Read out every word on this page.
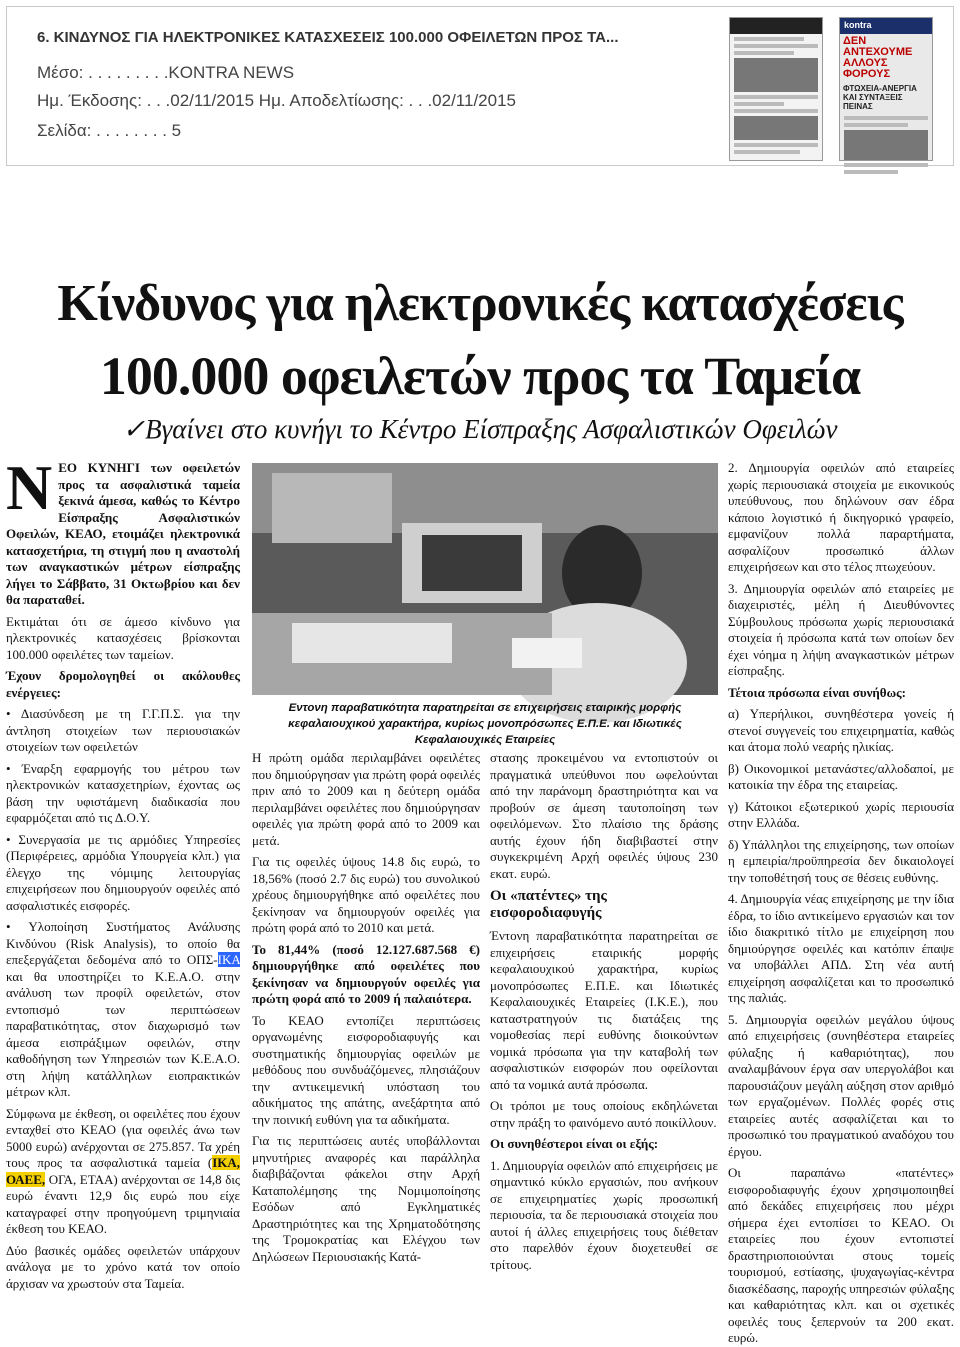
6. ΚΙΝΔΥΝΟΣ ΓΙΑ ΗΛΕΚΤΡΟΝΙΚΕΣ ΚΑΤΑΣΧΕΣΕΙΣ 100.000 ΟΦΕΙΛΕΤΩΝ ΠΡΟΣ ΤΑ...
Μέσο: . . . . . . . . .KONTRA NEWS
Ημ. Έκδοσης: . . .02/11/2015 Ημ. Αποδελτίωσης: . . .02/11/2015
Σελίδα: . . . . . . . . 5
kontra
ΔΕΝ ΑΝΤΕΧΟΥΜΕ ΑΛΛΟΥΣ ΦΟΡΟΥΣ
ΦΤΩΧΕΙΑ-ΑΝΕΡΓΙΑ ΚΑΙ ΣΥΝΤΑΞΕΙΣ ΠΕΙΝΑΣ
Κίνδυνος για ηλεκτρονικές κατασχέσεις
100.000 οφειλετών προς τα Ταμεία
✓Βγαίνει στο κυνήγι το Κέντρο Είσπραξης Ασφαλιστικών Οφειλών

N ΕΟ ΚΥΝΗΓΙ των οφειλετών προς τα ασφαλιστικά ταμεία ξεκινά άμεσα, καθώς το Κέντρο Είσπραξης Ασφαλιστικών Οφειλών, ΚΕΑΟ, ετοιμάζει ηλεκτρονικά κατασχετήρια, τη στιγμή που η αναστολή των αναγκαστικών μέτρων είσπραξης λήγει το Σάββατο, 31 Οκτωβρίου και δεν θα παραταθεί.

Εκτιμάται ότι σε άμεσο κίνδυνο για ηλεκτρονικές κατασχέσεις βρίσκονται 100.000 οφειλέτες των ταμείων.

Έχουν δρομολογηθεί οι ακόλουθες ενέργειες:

• Διασύνδεση με τη Γ.Γ.Π.Σ. για την άντληση στοιχείων των περιουσιακών στοιχείων των οφειλετών

• Έναρξη εφαρμογής του μέτρου των ηλεκτρονικών κατασχετηρίων, έχοντας ως βάση την υφιστάμενη διαδικασία που εφαρμόζεται από τις Δ.Ο.Υ.

• Συνεργασία με τις αρμόδιες Υπηρεσίες (Περιφέρειες, αρμόδια Υπουργεία κλπ.) για έλεγχο της νόμιμης λειτουργίας επιχειρήσεων που δημιουργούν οφειλές από ασφαλιστικές εισφορές.

• Υλοποίηση Συστήματος Ανάλυσης Κινδύνου (Risk Analysis), το οποίο θα επεξεργάζεται δεδομένα από το ΟΠΣ-ΙΚΑ και θα υποστηρίζει το Κ.Ε.Α.Ο. στην ανάλυση των προφίλ οφειλετών, στον εντοπισμό των περιπτώσεων παραβατικότητας, στον διαχωρισμό των άμεσα εισπράξιμων οφειλών, στην καθοδήγηση των Υπηρεσιών των Κ.Ε.Α.Ο. στη λήψη κατάλληλων ειοπρακτικών μέτρων κλπ.

Σύμφωνα με έκθεση, οι οφειλέτες που έχουν ενταχθεί στο ΚΕΑΟ (για οφειλές άνω των 5000 ευρώ) ανέρχονται σε 275.857. Τα χρέη τους προς τα ασφαλιστικά ταμεία (ΙΚΑ, ΟΑΕΕ, ΟΓΑ, ΕΤΑΑ) ανέρχονται σε 14,8 δις ευρώ έναντι 12,9 δις ευρώ που είχε καταγραφεί στην προηγούμενη τριμηνιαία έκθεση του ΚΕΑΟ.

Δύο βασικές ομάδες οφειλετών υπάρχουν ανάλογα με το χρόνο κατά τον οποίο άρχισαν να χρωστούν στα Ταμεία.

Εντονη παραβατικότητα παρατηρείται σε επιχειρήσεις εταιρικής μορφής κεφαλαιουχικού χαρακτήρα, κυρίως μονοπρόσωπες Ε.Π.Ε. και Ιδιωτικές Κεφαλαιουχικές Εταιρείες

Η πρώτη ομάδα περιλαμβάνει οφειλέτες που δημιούργησαν για πρώτη φορά οφειλές πριν από το 2009 και η δεύτερη ομάδα περιλαμβάνει οφειλέτες που δημιούργησαν οφειλές για πρώτη φορά από το 2009 και μετά.

Για τις οφειλές ύψους 14.8 δις ευρώ, το 18,56% (ποσό 2.7 δις ευρώ) του συνολικού χρέους δημιουργήθηκε από οφειλέτες που ξεκίνησαν να δημιουργούν οφειλές για πρώτη φορά από το 2010 και μετά.

Το 81,44% (ποσό 12.127.687.568 €) δημιουργήθηκε από οφειλέτες που ξεκίνησαν να δημιουργούν οφειλές για πρώτη φορά από το 2009 ή παλαιότερα.

Το ΚΕΑΟ εντοπίζει περιπτώσεις οργανωμένης εισφοροδιαφυγής και συστηματικής δημιουργίας οφειλών με μεθόδους που συνδυάζόμενες, πλησιάζουν την αντικειμενική υπόσταση του αδικήματος της απάτης, ανεξάρτητα από την ποινική ευθύνη για τα αδικήματα.

Για τις περιπτώσεις αυτές υποβάλλονται μηνυτήριες αναφορές και παράλληλα διαβιβάζονται φάκελοι στην Αρχή Καταπολέμησης της Νομιμοποίησης Εσόδων από Εγκληματικές Δραστηριότητες και της Χρηματοδότησης της Τρομοκρατίας και Ελέγχου των Δηλώσεων Περιουσιακής Κατά-

στασης προκειμένου να εντοπιστούν οι πραγματικά υπεύθυνοι που ωφελούνται από την παράνομη δραστηριότητα και να προβούν σε άμεση ταυτοποίηση των οφειλόμενων. Στο πλαίσιο της δράσης αυτής έχουν ήδη διαβιβαστεί στην συγκεκριμένη Αρχή οφειλές ύψους 230 εκατ. ευρώ.

Οι «πατέντες» της εισφοροδιαφυγής

Έντονη παραβατικότητα παρατηρείται σε επιχειρήσεις εταιρικής μορφής κεφαλαιουχικού χαρακτήρα, κυρίως μονοπρόσωπες Ε.Π.Ε. και Ιδιωτικές Κεφαλαιουχικές Εταιρείες (Ι.Κ.Ε.), που καταστρατηγούν τις διατάξεις της νομοθεσίας περί ευθύνης διοικούντων νομικά πρόσωπα για την καταβολή των ασφαλιστικών εισφορών που οφείλονται από τα νομικά αυτά πρόσωπα.

Οι τρόποι με τους οποίους εκδηλώνεται στην πράξη το φαινόμενο αυτό ποικίλλουν.

Οι συνηθέστεροι είναι οι εξής:

1. Δημιουργία οφειλών από επιχειρήσεις με σημαντικό κύκλο εργασιών, που ανήκουν σε επιχειρηματίες χωρίς προσωπική περιουσία, τα δε περιουσιακά στοιχεία που αυτοί ή άλλες επιχειρήσεις τους διέθεταν στο παρελθόν έχουν διοχετευθεί σε τρίτους.

2. Δημιουργία οφειλών από εταιρείες χωρίς περιουσιακά στοιχεία με εικονικούς υπεύθυνους, που δηλώνουν σαν έδρα κάποιο λογιστικό ή δικηγορικό γραφείο, εμφανίζουν πολλά παραρτήματα, ασφαλίζουν προσωπικό άλλων επιχειρήσεων και στο τέλος πτωχεύουν.

3. Δημιουργία οφειλών από εταιρείες με διαχειριστές, μέλη ή Διευθύνοντες Σύμβουλους πρόσωπα χωρίς περιουσιακά στοιχεία ή πρόσωπα κατά των οποίων δεν έχει νόημα η λήψη αναγκαστικών μέτρων είσπραξης.

Τέτοια πρόσωπα είναι συνήθως:

α) Υπερήλικοι, συνηθέστερα γονείς ή στενοί συγγενείς του επιχειρηματία, καθώς και άτομα πολύ νεαρής ηλικίας.

β) Οικονομικοί μετανάστες/αλλοδαποί, με κατοικία την έδρα της εταιρείας.

γ) Κάτοικοι εξωτερικού χωρίς περιουσία στην Ελλάδα.

δ) Υπάλληλοι της επιχείρησης, των οποίων η εμπειρία/προϋπηρεσία δεν δικαιολογεί την τοποθέτησή τους σε θέσεις ευθύνης.

4. Δημιουργία νέας επιχείρησης με την ίδια έδρα, το ίδιο αντικείμενο εργασιών και τον ίδιο διακριτικό τίτλο με επιχείρηση που δημιούργησε οφειλές και κατόπιν έπαψε να υποβάλλει ΑΠΔ. Στη νέα αυτή επιχείρηση ασφαλίζεται και το προσωπικό της παλιάς.

5. Δημιουργία οφειλών μεγάλου ύψους από επιχειρήσεις (συνηθέστερα εταιρείες φύλαξης ή καθαριότητας), που αναλαμβάνουν έργα σαν υπεργολάβοι και παρουσιάζουν μεγάλη αύξηση στον αριθμό των εργαζομένων. Πολλές φορές στις εταιρείες αυτές ασφαλίζεται και το προσωπικό του πραγματικού αναδόχου του έργου.

Οι παραπάνω «πατέντες» εισφοροδιαφυγής έχουν χρησιμοποιηθεί από δεκάδες επιχειρήσεις που μέχρι σήμερα έχει εντοπίσει το ΚΕΑΟ. Οι εταιρείες που έχουν εντοπιστεί δραστηριοποιούνται στους τομείς τουρισμού, εστίασης, ψυχαγωγίας-κέντρα διασκέδασης, παροχής υπηρεσιών φύλαξης και καθαριότητας κλπ. και οι σχετικές οφειλές τους ξεπερνούν τα 200 εκατ. ευρώ.
